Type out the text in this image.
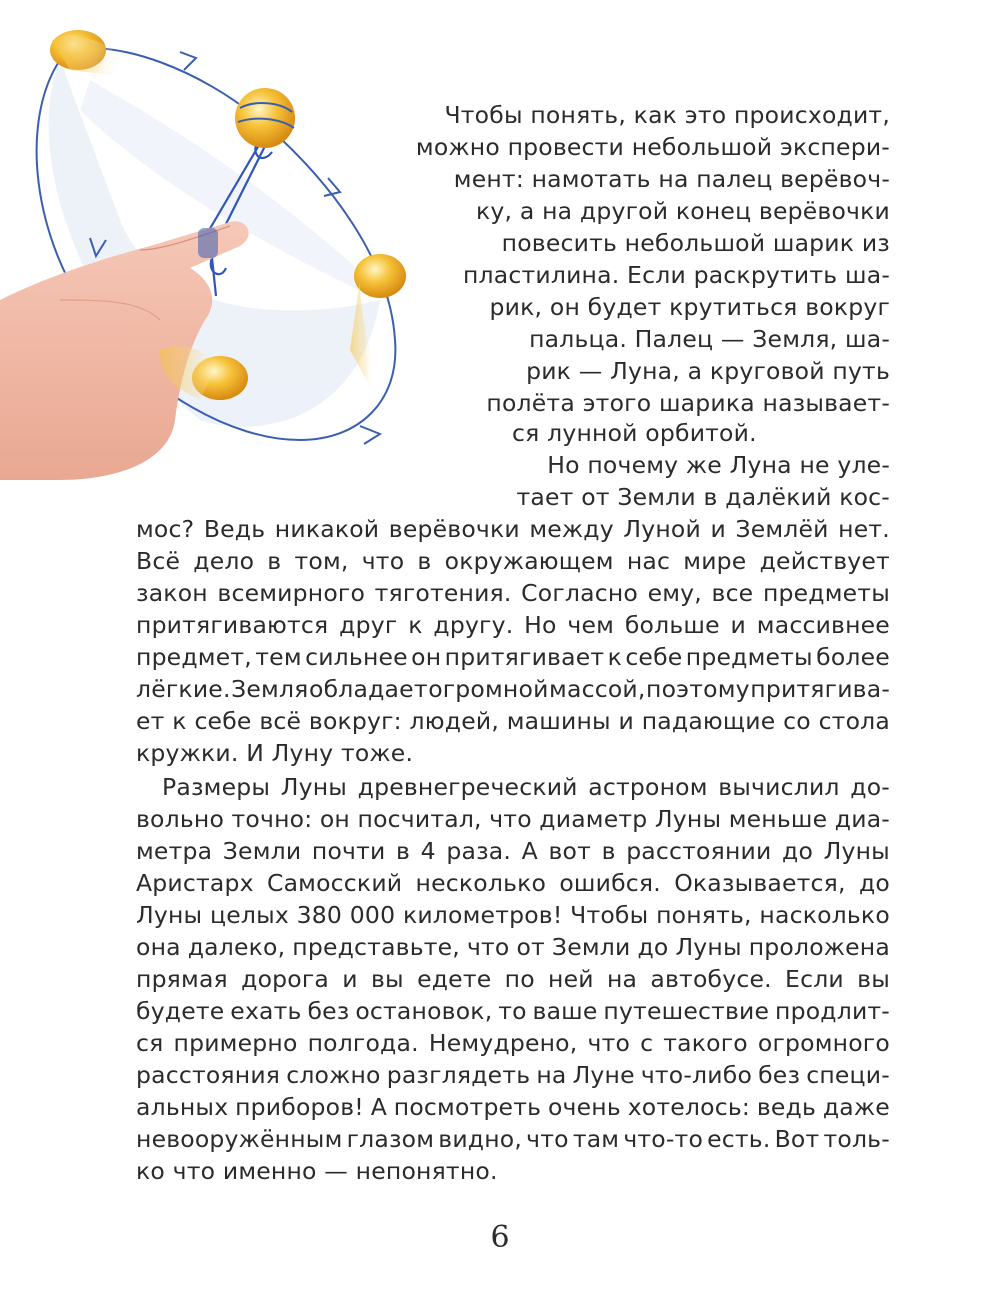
Чтобы понять, как это происходит,
можно провести небольшой экспери-
мент: намотать на палец верёвоч-
ку, а на другой конец верёвочки
повесить небольшой шарик из
пластилина. Если раскрутить ша-
рик, он будет крутиться вокруг
пальца. Палец — Земля, ша-
рик — Луна, а круговой путь
полёта этого шарика называет-
ся лунной орбитой.
Но почему же Луна не уле-
тает от Земли в далёкий кос-
мос? Ведь никакой верёвочки между Луной и Землёй нет.
Всё дело в том, что в окружающем нас мире действует
закон всемирного тяготения. Согласно ему, все предметы
притягиваются друг к другу. Но чем больше и массивнее
предмет, тем сильнее он притягивает к себе предметы более
лёгкие. Земля обладает огромной массой, поэтому притягива-
ет к себе всё вокруг: людей, машины и падающие со стола
кружки. И Луну тоже.
Размеры Луны древнегреческий астроном вычислил до-
вольно точно: он посчитал, что диаметр Луны меньше диа-
метра Земли почти в 4 раза. А вот в расстоянии до Луны
Аристарх Самосский несколько ошибся. Оказывается, до
Луны целых 380 000 километров! Чтобы понять, насколько
она далеко, представьте, что от Земли до Луны проложена
прямая дорога и вы едете по ней на автобусе. Если вы
будете ехать без остановок, то ваше путешествие продлит-
ся примерно полгода. Немудрено, что с такого огромного
расстояния сложно разглядеть на Луне что-либо без специ-
альных приборов! А посмотреть очень хотелось: ведь даже
невооружённым глазом видно, что там что-то есть. Вот толь-
ко что именно — непонятно.
6
